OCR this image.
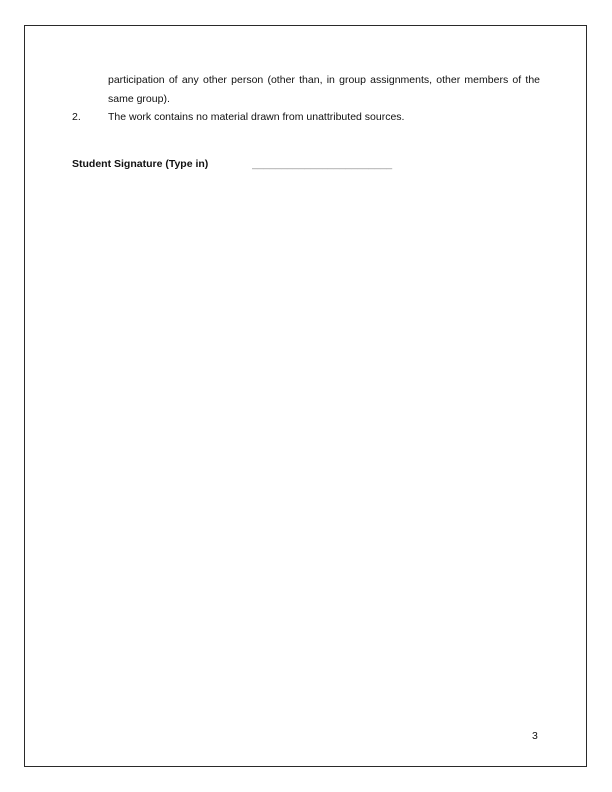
participation of any other person (other than, in group assignments, other members of the same group).
2.	The work contains no material drawn from unattributed sources.
Student Signature (Type in)	________________________
3
